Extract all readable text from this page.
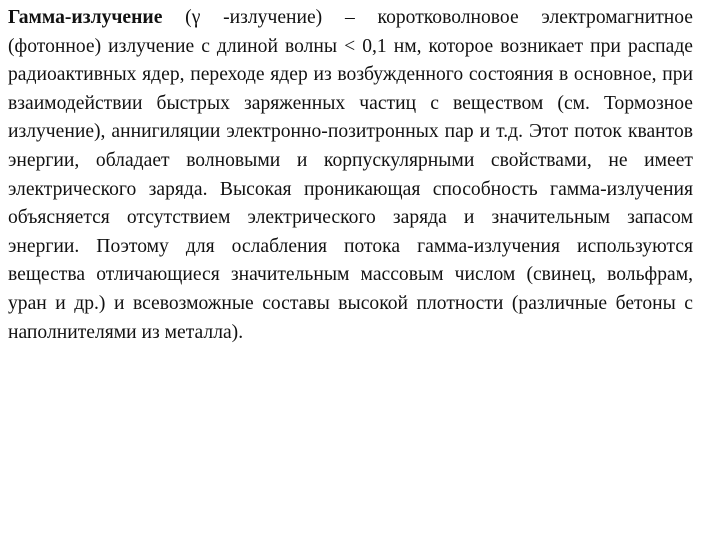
Гамма-излучение (γ -излучение) – коротковолновое электромагнитное (фотонное) излучение с длиной волны < 0,1 нм, которое возникает при распаде радиоактивных ядер, переходе ядер из возбужденного состояния в основное, при взаимодействии быстрых заряженных частиц с веществом (см. Тормозное излучение), аннигиляции электронно-позитронных пар и т.д. Этот поток квантов энергии, обладает волновыми и корпускулярными свойствами, не имеет электрического заряда. Высокая проникающая способность гамма-излучения объясняется отсутствием электрического заряда и значительным запасом энергии. Поэтому для ослабления потока гамма-излучения используются вещества отличающиеся значительным массовым числом (свинец, вольфрам, уран и др.) и всевозможные составы высокой плотности (различные бетоны с наполнителями из металла).
